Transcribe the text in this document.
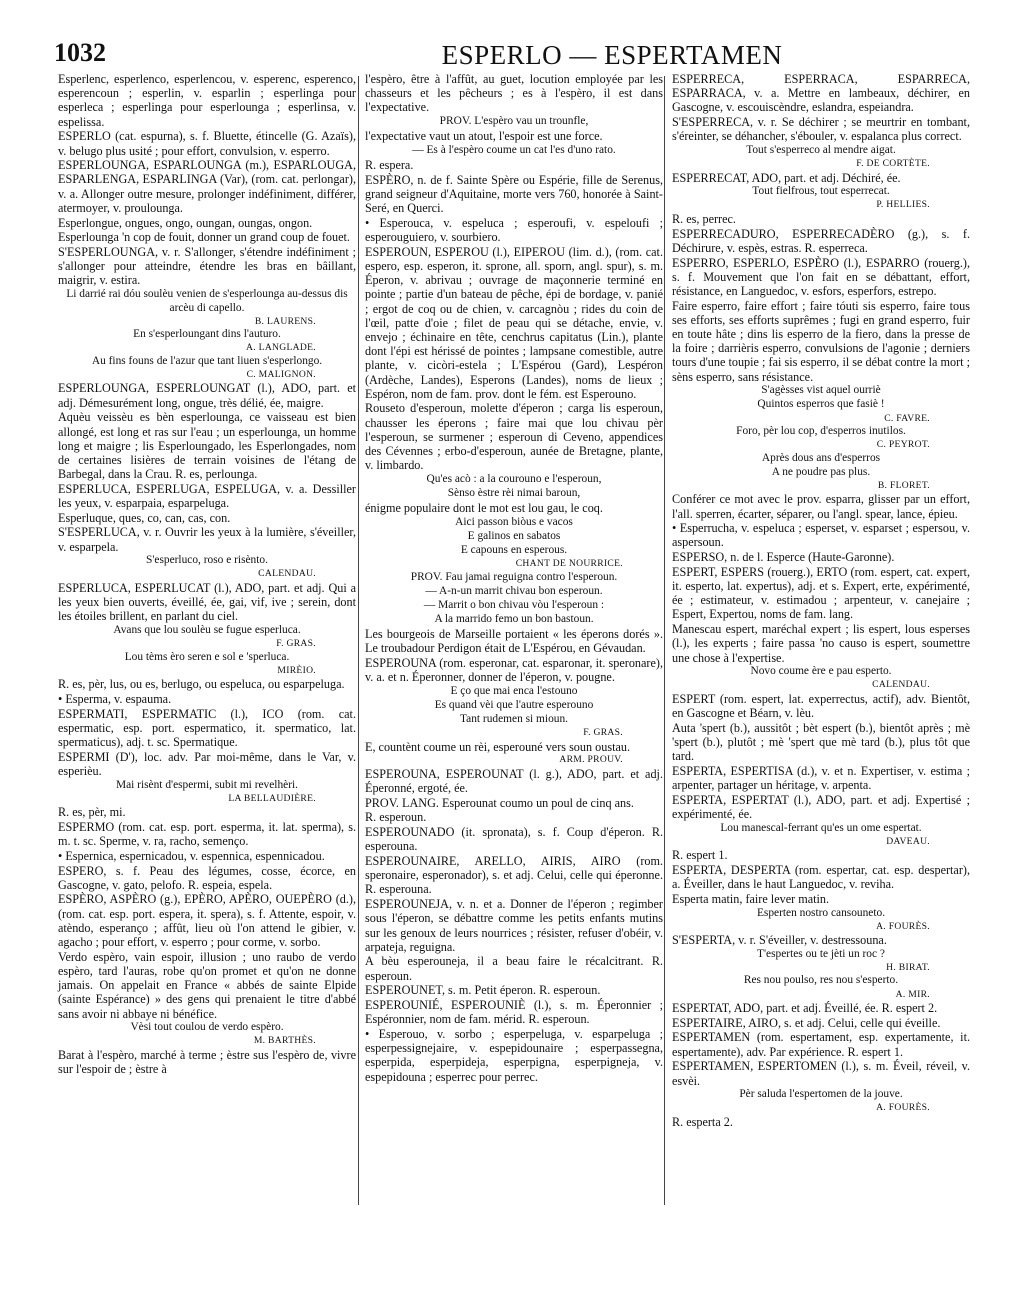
1032	ESPERLO — ESPERTAMEN

Esperlenc, esperlenco, esperlencou, v. esperenc, esperenco, esperencoun ; esperlin, v. esparlin ; esperlinga pour esperleca ; esperlinga pour esperlounga ; esperlinsa, v. espelissa.

ESPERLO (cat. espurna), s. f. Bluette, étincelle (G. Azaïs), v. belugo plus usité ; pour effort, convulsion, v. esperro.

ESPERLOUNGA, ESPARLOUNGA (m.), ESPARLOUGA, ESPARLENGA, ESPARLINGA (Var), (rom. cat. perlongar), v. a. Allonger outre mesure, prolonger indéfiniment, différer, atermoyer, v. proulounga.

Esperlongue, ongues, ongo, oungan, oungas, ongon.

Esperlounga 'n cop de fouit, donner un grand coup de fouet.

S'ESPERLOUNGA, v. r. S'allonger, s'étendre indéfiniment ; s'allonger pour atteindre, étendre les bras en bâillant, maigrir, v. estira.

Li darrié rai dóu soulèu venien de s'esperlounga au-dessus dis arcèu di capello.

B. LAURENS.

En s'esperloungant dins l'auturo.

A. LANGLADE.

Au fins founs de l'azur que tant liuen s'esperlongo.

C. MALIGNON.

ESPERLOUNGA, ESPERLOUNGAT (l.), ADO, part. et adj. Démesurément long, ongue, très délié, ée, maigre.

Aquèu veissèu es bèn esperlounga, ce vaisseau est bien allongé, est long et ras sur l'eau ; un esperlounga, un homme long et maigre ; lis Esperloungado, les Esperlongades, nom de certaines lisières de terrain voisines de l'étang de Barbegal, dans la Crau. R. es, perlounga.

ESPERLUCA, ESPERLUGA, ESPELUGA, v. a. Dessiller les yeux, v. esparpaia, esparpeluga.

Esperluque, ques, co, can, cas, con.

S'ESPERLUCA, v. r. Ouvrir les yeux à la lumière, s'éveiller, v. esparpela.

S'esperluco, roso e risènto.

CALENDAU.

ESPERLUCA, ESPERLUCAT (l.), ADO, part. et adj. Qui a les yeux bien ouverts, éveillé, ée, gai, vif, ive ; serein, dont les étoiles brillent, en parlant du ciel.

Avans que lou soulèu se fugue esperluca.

F. GRAS.

Lou tèms èro seren e sol e 'sperluca.

MIRÈIO.

R. es, pèr, lus, ou es, berlugo, ou espeluca, ou esparpeluga.

• Esperma, v. espauma.

ESPERMATI, ESPERMATIC (l.), ICO (rom. cat. espermatic, esp. port. espermatico, it. spermatico, lat. spermaticus), adj. t. sc. Spermatique.

ESPERMI (D'), loc. adv. Par moi-même, dans le Var, v. esperièu.

Mai risènt d'espermi, subit mi revelhèri.

LA BELLAUDIÈRE.

R. es, pèr, mi.

ESPERMO (rom. cat. esp. port. esperma, it. lat. sperma), s. m. t. sc. Sperme, v. ra, racho, semenço.

• Espernica, espernicadou, v. espennica, espennicadou.

ESPERO, s. f. Peau des légumes, cosse, écorce, en Gascogne, v. gato, pelofo. R. espeia, espela.

ESPÈRO, ASPÈRO (g.), EPÈRO, APÈRO, OUEPÈRO (d.), (rom. cat. esp. port. espera, it. spera), s. f. Attente, espoir, v. atèndo, esperanço ; affût, lieu où l'on attend le gibier, v. agacho ; pour effort, v. esperro ; pour corme, v. sorbo.

Verdo espèro, vain espoir, illusion ; uno raubo de verdo espèro, tard l'auras, robe qu'on promet et qu'on ne donne jamais. On appelait en France « abbés de sainte Elpide (sainte Espérance) » des gens qui prenaient le titre d'abbé sans avoir ni abbaye ni bénéfice.

Vèsi tout coulou de verdo espèro.

M. BARTHÈS.

Barat à l'espèro, marché à terme ; èstre sus l'espèro de, vivre sur l'espoir de ; èstre à

l'espèro, être à l'affût, au guet, locution employée par les chasseurs et les pêcheurs ; es à l'espèro, il est dans l'expectative.

PROV. L'espèro vau un trounfle,

l'expectative vaut un atout, l'espoir est une force.

— Es à l'espèro coume un cat l'es d'uno rato.

R. espera.

ESPÈRO, n. de f. Sainte Spère ou Espérie, fille de Serenus, grand seigneur d'Aquitaine, morte vers 760, honorée à Saint-Seré, en Querci.

• Esperouca, v. espeluca ; esperoufi, v. espeloufi ; esperouguiero, v. sourbiero.

ESPEROUN, ESPEROU (l.), EIPEROU (lim. d.), (rom. cat. espero, esp. esperon, it. sprone, all. sporn, angl. spur), s. m. Éperon, v. abrivau ; ouvrage de maçonnerie terminé en pointe ; partie d'un bateau de pêche, épi de bordage, v. panié ; ergot de coq ou de chien, v. carcagnòu ; rides du coin de l'œil, patte d'oie ; filet de peau qui se détache, envie, v. envejo ; échinaire en tête, cenchrus capitatus (Lin.), plante dont l'épi est hérissé de pointes ; lampsane comestible, autre plante, v. cicòri-estela ; L'Espérou (Gard), Lespéron (Ardèche, Landes), Esperons (Landes), noms de lieux ; Espéron, nom de fam. prov. dont le fém. est Esperouno.

Rouseto d'esperoun, molette d'éperon ; carga lis esperoun, chausser les éperons ; faire mai que lou chivau pèr l'esperoun, se surmener ; esperoun di Ceveno, appendices des Cévennes ; erbo-d'esperoun, aunée de Bretagne, plante, v. limbardo.

Qu'es acò : a la courouno e l'esperoun,

Sènso èstre rèi nimai baroun,

énigme populaire dont le mot est lou gau, le coq.

Aici passon biòus e vacos

E galinos en sabatos

E capouns en esperous.

CHANT DE NOURRICE.

PROV. Fau jamai reguigna contro l'esperoun.

— A-n-un marrit chivau bon esperoun.

— Marrit o bon chivau vòu l'esperoun :

A la marrido femo un bon bastoun.

Les bourgeois de Marseille portaient « les éperons dorés ». Le troubadour Perdigon était de L'Espérou, en Gévaudan.

ESPEROUNA (rom. esperonar, cat. esparonar, it. speronare), v. a. et n. Éperonner, donner de l'éperon, v. pougne.

E ço que mai enca l'estouno

Es quand vèi que l'autre esperouno

Tant rudemen si mioun.

F. GRAS.

E, countènt coume un rèi, esperouné vers soun oustau.

ARM. PROUV.

ESPEROUNA, ESPEROUNAT (l. g.), ADO, part. et adj. Éperonné, ergoté, ée.

PROV. LANG. Esperounat coumo un poul de cinq ans.

R. esperoun.

ESPEROUNADO (it. spronata), s. f. Coup d'éperon. R. esperouna.

ESPEROUNAIRE, ARELLO, AIRIS, AIRO (rom. speronaire, esperonador), s. et adj. Celui, celle qui éperonne. R. esperouna.

ESPEROUNEJA, v. n. et a. Donner de l'éperon ; regimber sous l'éperon, se débattre comme les petits enfants mutins sur les genoux de leurs nourrices ; résister, refuser d'obéir, v. arpateja, reguigna.

A bèu esperouneja, il a beau faire le récalcitrant. R. esperoun.

ESPEROUNET, s. m. Petit éperon. R. esperoun.

ESPEROUNIÉ, ESPEROUNIÈ (l.), s. m. Éperonnier ; Espéronnier, nom de fam. mérid. R. esperoun.

• Esperouo, v. sorbo ; esperpeluga, v. esparpeluga ; esperpessignejaire, v. espepidounaire ; esperpassegna, esperpida, esperpideja, esperpigna, esperpigneja, v. espepidouna ; esperrec pour perrec.

ESPERRECA, ESPERRACA, ESPARRECA, ESPARRACA, v. a. Mettre en lambeaux, déchirer, en Gascogne, v. escouiscèndre, eslandra, espeiandra.

S'ESPERRECA, v. r. Se déchirer ; se meurtrir en tombant, s'éreinter, se déhancher, s'ébouler, v. espalanca plus correct.

Tout s'esperreco al mendre aigat.

F. DE CORTÈTE.

ESPERRECAT, ADO, part. et adj. Déchiré, ée.

Tout fielfrous, tout esperrecat.

P. HELLIES.

R. es, perrec.

ESPERRECADURO, ESPERRECADÈRO (g.), s. f. Déchirure, v. espès, estras. R. esperreca.

ESPERRO, ESPERLO, ESPÈRO (l.), ESPARRO (rouerg.), s. f. Mouvement que l'on fait en se débattant, effort, résistance, en Languedoc, v. esfors, esperfors, estrepo.

Faire esperro, faire effort ; faire tóuti sis esperro, faire tous ses efforts, ses efforts suprêmes ; fugi en grand esperro, fuir en toute hâte ; dins lis esperro de la fiero, dans la presse de la foire ; darrièris esperro, convulsions de l'agonie ; derniers tours d'une toupie ; fai sis esperro, il se débat contre la mort ; sèns esperro, sans résistance.

S'agèsses vist aquel ourriè

Quintos esperros que fasiè !

C. FAVRE.

Foro, pèr lou cop, d'esperros inutilos.

C. PEYROT.

Après dous ans d'esperros

A ne poudre pas plus.

B. FLORET.

Conférer ce mot avec le prov. esparra, glisser par un effort, l'all. sperren, écarter, séparer, ou l'angl. spear, lance, épieu.

• Esperrucha, v. espeluca ; esperset, v. esparset ; espersou, v. aspersoun.

ESPERSO, n. de l. Esperce (Haute-Garonne).

ESPERT, ESPERS (rouerg.), ERTO (rom. espert, cat. expert, it. esperto, lat. expertus), adj. et s. Expert, erte, expérimenté, ée ; estimateur, v. estimadou ; arpenteur, v. canejaire ; Espert, Expertou, noms de fam. lang.

Manescau espert, maréchal expert ; lis espert, lous esperses (l.), les experts ; faire passa 'no causo is espert, soumettre une chose à l'expertise.

Novo coume ère e pau esperto.

CALENDAU.

ESPERT (rom. espert, lat. experrectus, actif), adv. Bientôt, en Gascogne et Béarn, v. lèu.

Auta 'spert (b.), aussitôt ; bèt espert (b.), bientôt après ; mè 'spert (b.), plutôt ; mè 'spert que mè tard (b.), plus tôt que tard.

ESPERTA, ESPERTISA (d.), v. et n. Expertiser, v. estima ; arpenter, partager un héritage, v. arpenta.

ESPERTA, ESPERTAT (l.), ADO, part. et adj. Expertisé ; expérimenté, ée.

Lou manescal-ferrant qu'es un ome espertat.

DAVEAU.

R. espert 1.

ESPERTA, DESPERTA (rom. espertar, cat. esp. despertar), a. Éveiller, dans le haut Languedoc, v. reviha.

Esperta matin, faire lever matin.

Esperten nostro cansouneto.

A. FOURÈS.

S'ESPERTA, v. r. S'éveiller, v. destressouna.

T'espertes ou te jèti un roc ?

H. BIRAT.

Res nou poulso, res nou s'esperto.

A. MIR.

ESPERTAT, ADO, part. et adj. Éveillé, ée. R. espert 2.

ESPERTAIRE, AIRO, s. et adj. Celui, celle qui éveille.

ESPERTAMEN (rom. espertament, esp. expertamente, it. espertamente), adv. Par expérience. R. espert 1.

ESPERTAMEN, ESPERTOMEN (l.), s. m. Éveil, réveil, v. esvèi.

Pèr saluda l'espertomen de la jouve.

A. FOURÈS.

R. esperta 2.
